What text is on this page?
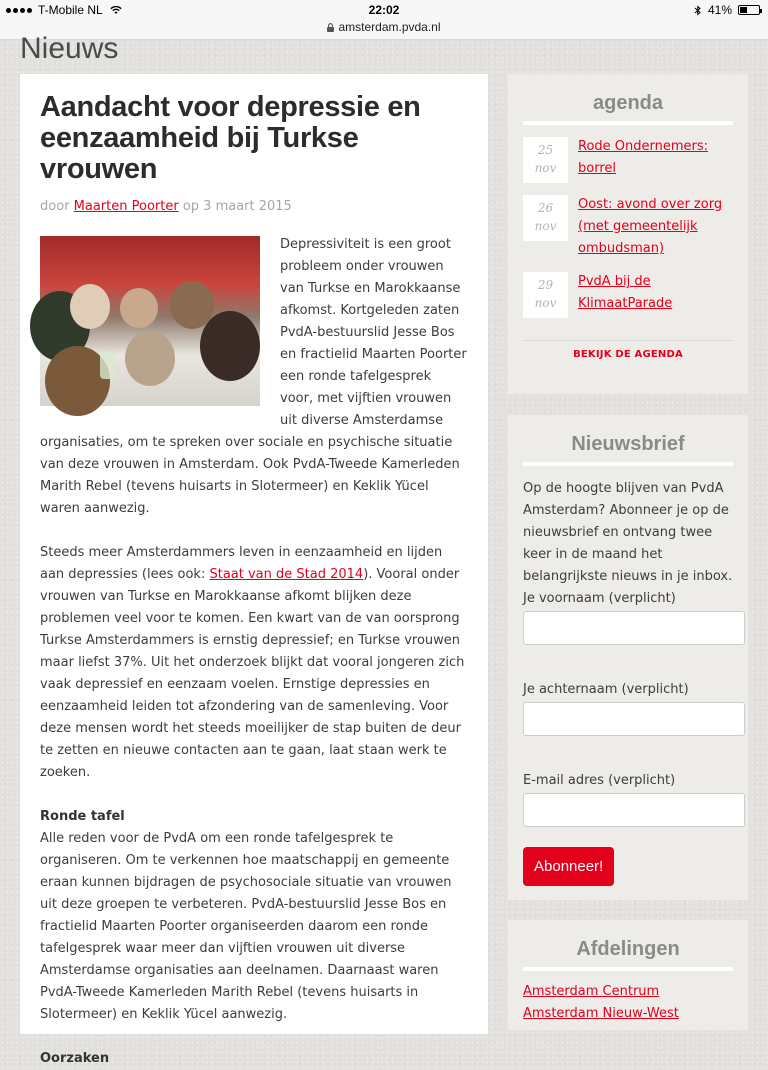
T-Mobile NL	22:02
amsterdam.pvda.nl
41%
Nieuws
Aandacht voor depressie en eenzaamheid bij Turkse vrouwen
door Maarten Poorter op 3 maart 2015

Depressiviteit is een groot probleem onder vrouwen van Turkse en Marokkaanse afkomst. Kortgeleden zaten PvdA-bestuurslid Jesse Bos en fractielid Maarten Poorter een ronde tafelgesprek voor, met vijftien vrouwen uit diverse Amsterdamse organisaties, om te spreken over sociale en psychische situatie van deze vrouwen in Amsterdam. Ook PvdA-Tweede Kamerleden Marith Rebel (tevens huisarts in Slotermeer) en Keklik Yücel waren aanwezig.

Steeds meer Amsterdammers leven in eenzaamheid en lijden aan depressies (lees ook: Staat van de Stad 2014). Vooral onder vrouwen van Turkse en Marokkaanse afkomt blijken deze problemen veel voor te komen. Een kwart van de van oorsprong Turkse Amsterdammers is ernstig depressief; en Turkse vrouwen maar liefst 37%. Uit het onderzoek blijkt dat vooral jongeren zich vaak depressief en eenzaam voelen. Ernstige depressies en eenzaamheid leiden tot afzondering van de samenleving. Voor deze mensen wordt het steeds moeilijker de stap buiten de deur te zetten en nieuwe contacten aan te gaan, laat staan werk te zoeken.

Ronde tafel

Alle reden voor de PvdA om een ronde tafelgesprek te organiseren. Om te verkennen hoe maatschappij en gemeente eraan kunnen bijdragen de psychosociale situatie van vrouwen uit deze groepen te verbeteren. PvdA-bestuurslid Jesse Bos en fractielid Maarten Poorter organiseerden daarom een ronde tafelgesprek waar meer dan vijftien vrouwen uit diverse Amsterdamse organisaties aan deelnamen. Daarnaast waren PvdA-Tweede Kamerleden Marith Rebel (tevens huisarts in Slotermeer) en Keklik Yücel aanwezig.

Oorzaken
agenda
25
nov
Rode Ondernemers: borrel
26
nov
Oost: avond over zorg (met gemeentelijk ombudsman)
29
nov
PvdA bij de KlimaatParade
BEKIJK DE AGENDA
Nieuwsbrief
Op de hoogte blijven van PvdA Amsterdam? Abonneer je op de nieuwsbrief en ontvang twee keer in de maand het belangrijkste nieuws in je inbox.
Je voornaam (verplicht)
Je achternaam (verplicht)
E-mail adres (verplicht)
Abonneer!
Afdelingen
Amsterdam Centrum
Amsterdam Nieuw-West
